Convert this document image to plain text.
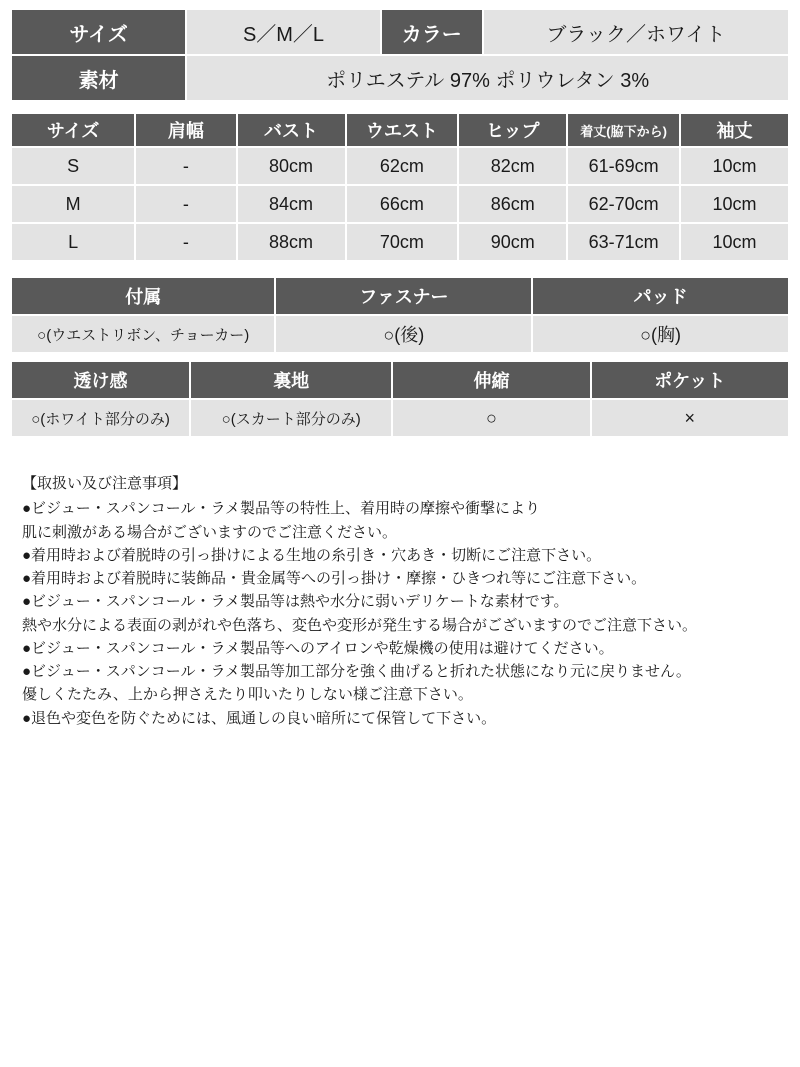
サイズ	S／M／L	カラー	ブラック／ホワイト
素材	ポリエステル 97% ポリウレタン 3%		
サイズ	肩幅	バスト	ウエスト	ヒップ	着丈(脇下から)	袖丈
S	-	80cm	62cm	82cm	61-69cm	10cm
M	-	84cm	66cm	86cm	62-70cm	10cm
L	-	88cm	70cm	90cm	63-71cm	10cm
付属	ファスナー	パッド
○(ウエストリボン、チョーカー)	○(後)	○(胸)
透け感	裏地	伸縮	ポケット
○(ホワイト部分のみ)	○(スカート部分のみ)	○	×
【取扱い及び注意事項】
●ビジュー・スパンコール・ラメ製品等の特性上、着用時の摩擦や衝撃により
肌に刺激がある場合がございますのでご注意ください。
●着用時および着脱時の引っ掛けによる生地の糸引き・穴あき・切断にご注意下さい。
●着用時および着脱時に装飾品・貴金属等への引っ掛け・摩擦・ひきつれ等にご注意下さい。
●ビジュー・スパンコール・ラメ製品等は熱や水分に弱いデリケートな素材です。
熱や水分による表面の剥がれや色落ち、変色や変形が発生する場合がございますのでご注意下さい。
●ビジュー・スパンコール・ラメ製品等へのアイロンや乾燥機の使用は避けてください。
●ビジュー・スパンコール・ラメ製品等加工部分を強く曲げると折れた状態になり元に戻りません。
優しくたたみ、上から押さえたり叩いたりしない様ご注意下さい。
●退色や変色を防ぐためには、風通しの良い暗所にて保管して下さい。
